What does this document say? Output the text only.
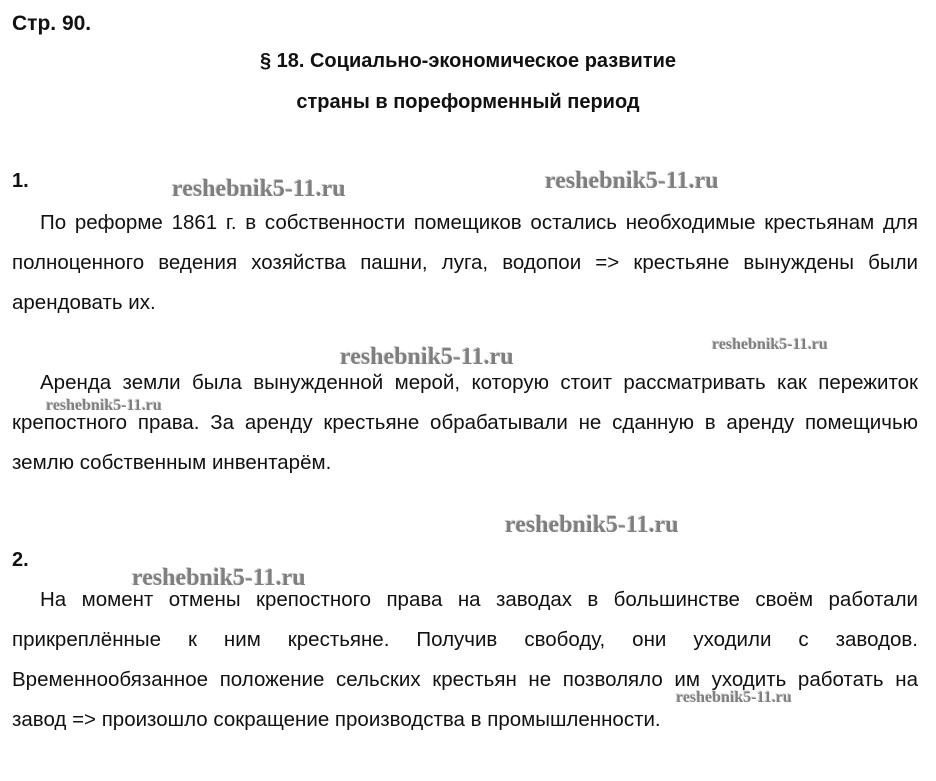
Стр. 90.
§ 18. Социально-экономическое развитие
страны в пореформенный период
1.

По реформе 1861 г. в собственности помещиков остались необходимые крестьянам для полноценного ведения хозяйства пашни, луга, водопои => крестьяне вынуждены были арендовать их.

Аренда земли была вынужденной мерой, которую стоит рассматривать как пережиток крепостного права. За аренду крестьяне обрабатывали не сданную в аренду помещичью землю собственным инвентарём.

2.

На момент отмены крепостного права на заводах в большинстве своём работали прикреплённые к ним крестьяне. Получив свободу, они уходили с заводов. Временнообязанное положение сельских крестьян не позволяло им уходить работать на завод => произошло сокращение производства в промышленности.

reshebnik5-11.ru	reshebnik5-11.ru
reshebnik5-11.ru	reshebnik5-11.ru
reshebnik5-11.ru
reshebnik5-11.ru
reshebnik5-11.ru
reshebnik5-11.ru
